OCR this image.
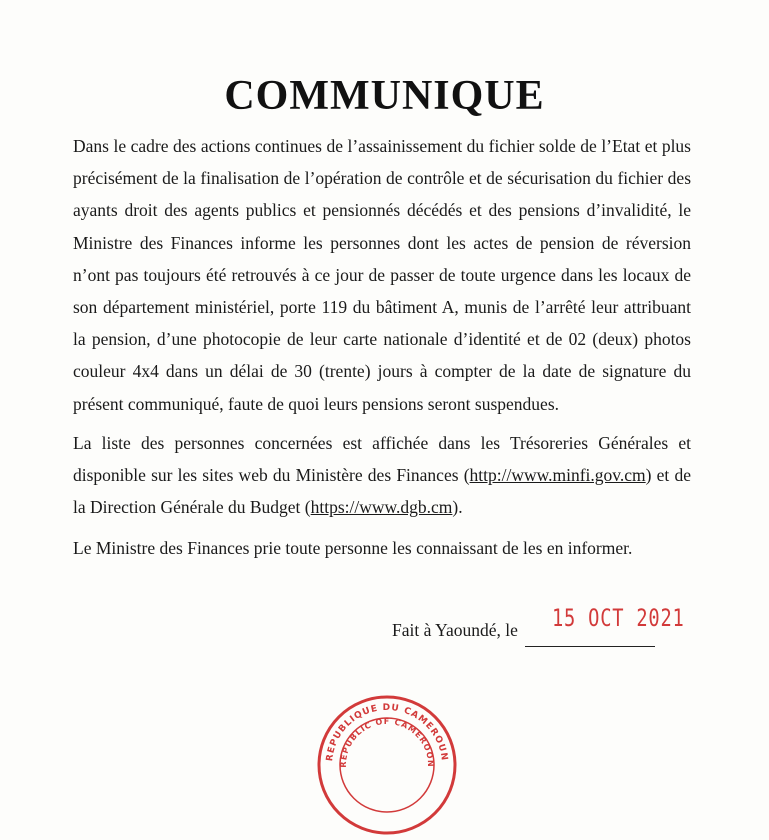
COMMUNIQUE

Dans le cadre des actions continues de l’assainissement du fichier solde de l’Etat et plus précisément de la finalisation de l’opération de contrôle et de sécurisation du fichier des ayants droit des agents publics et pensionnés décédés et des pensions d’invalidité, le Ministre des Finances informe les personnes dont les actes de pension de réversion n’ont pas toujours été retrouvés à ce jour de passer de toute urgence dans les locaux de son département ministériel, porte 119 du bâtiment A, munis de l’arrêté leur attribuant la pension, d’une photocopie de leur carte nationale d’identité et de 02 (deux) photos couleur 4x4 dans un délai de 30 (trente) jours à compter de la date de signature du présent communiqué, faute de quoi leurs pensions seront suspendues.

La liste des personnes concernées est affichée dans les Trésoreries Générales et disponible sur les sites web du Ministère des Finances (http://www.minfi.gov.cm) et de la Direction Générale du Budget (https://www.dgb.cm).

Le Ministre des Finances prie toute personne les connaissant de les en informer.

Fait à Yaoundé, le 15 OCT 2021
REPUBLIQUE DU CAMEROUN
REPUBLIC OF CAMEROON
